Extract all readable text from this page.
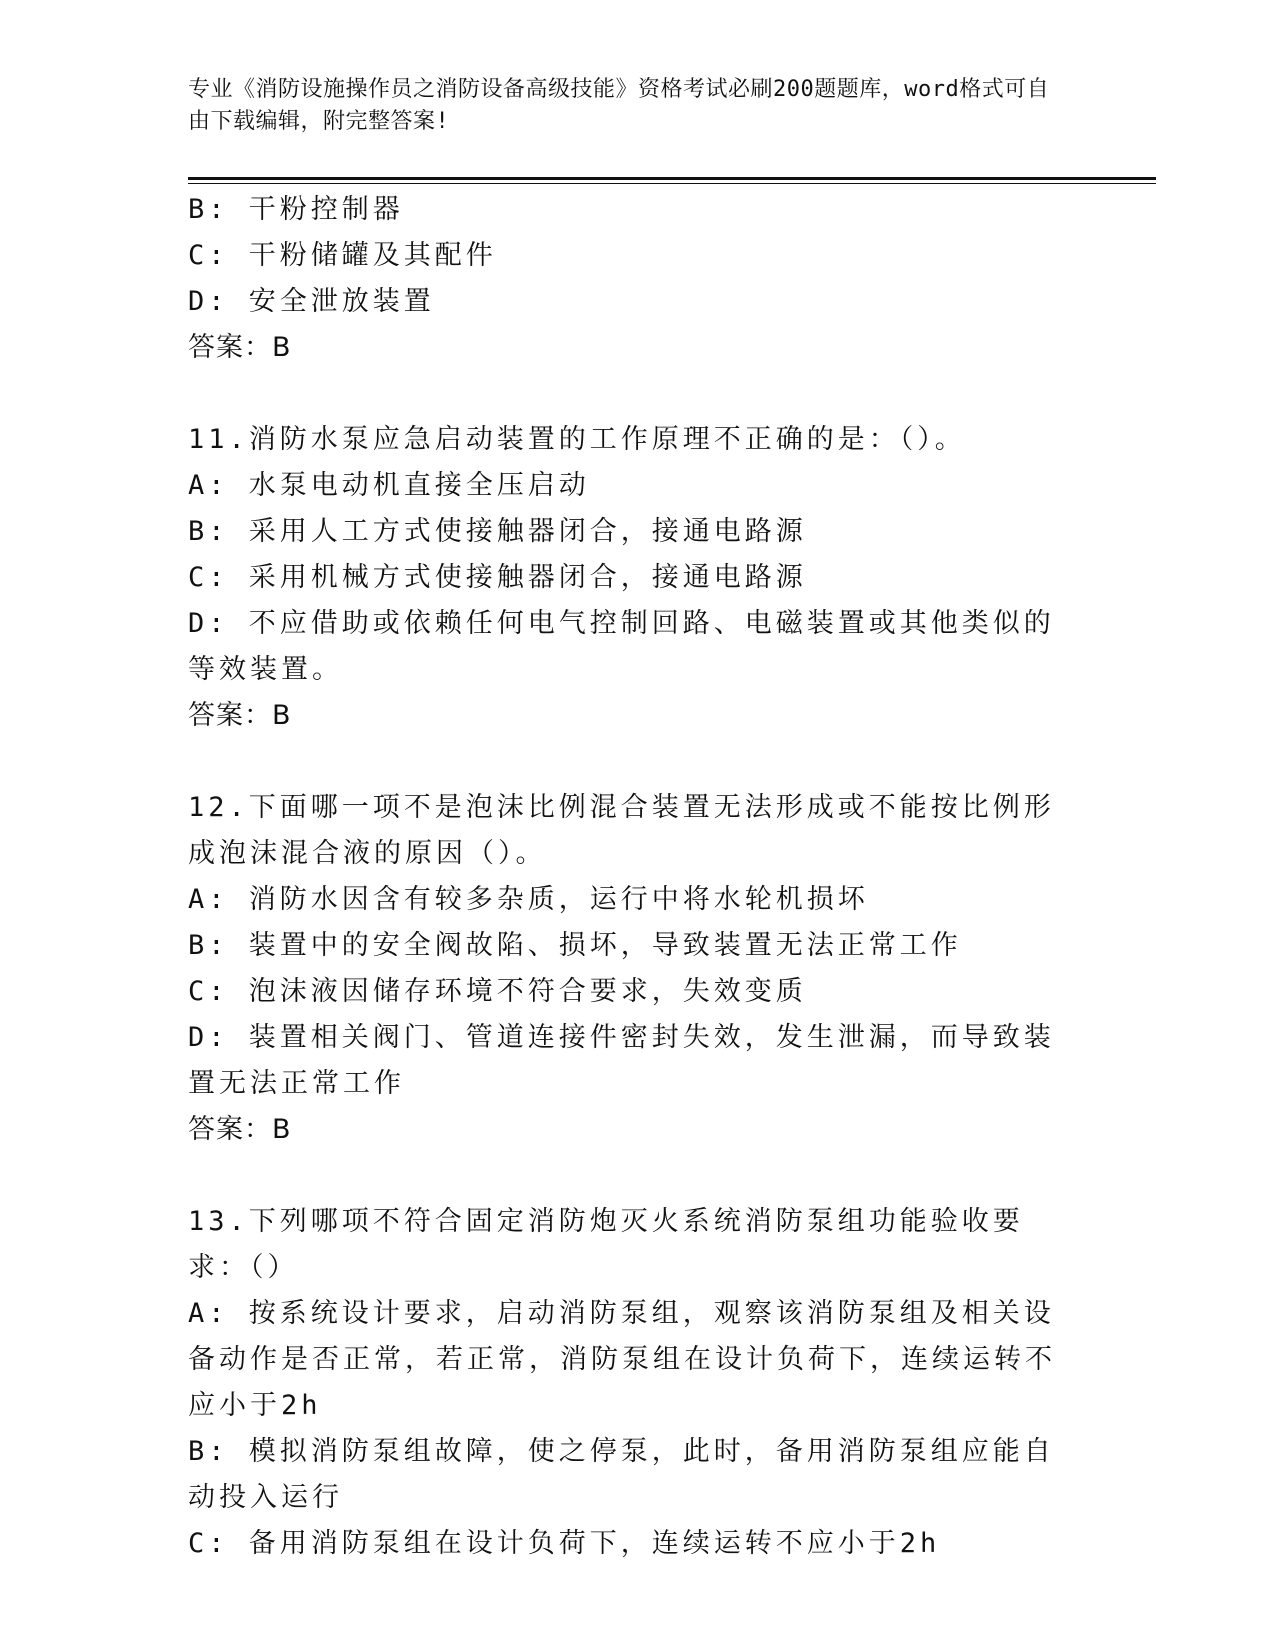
专业《消防设施操作员之消防设备高级技能》资格考试必刷200题题库，word格式可自由下载编辑，附完整答案!
B: 干粉控制器
C: 干粉储罐及其配件
D: 安全泄放装置
答案：B
11.消防水泵应急启动装置的工作原理不正确的是：（）。
A: 水泵电动机直接全压启动
B: 采用人工方式使接触器闭合，接通电路源
C: 采用机械方式使接触器闭合，接通电路源
D: 不应借助或依赖任何电气控制回路、电磁装置或其他类似的等效装置。
答案：B
12.下面哪一项不是泡沫比例混合装置无法形成或不能按比例形成泡沫混合液的原因（）。
A: 消防水因含有较多杂质，运行中将水轮机损坏
B: 装置中的安全阀故陷、损坏，导致装置无法正常工作
C: 泡沫液因储存环境不符合要求，失效变质
D: 装置相关阀门、管道连接件密封失效，发生泄漏，而导致装置无法正常工作
答案：B
13.下列哪项不符合固定消防炮灭火系统消防泵组功能验收要求：（）
A: 按系统设计要求，启动消防泵组，观察该消防泵组及相关设备动作是否正常，若正常，消防泵组在设计负荷下，连续运转不应小于2h
B: 模拟消防泵组故障，使之停泵，此时，备用消防泵组应能自动投入运行
C: 备用消防泵组在设计负荷下，连续运转不应小于2h
